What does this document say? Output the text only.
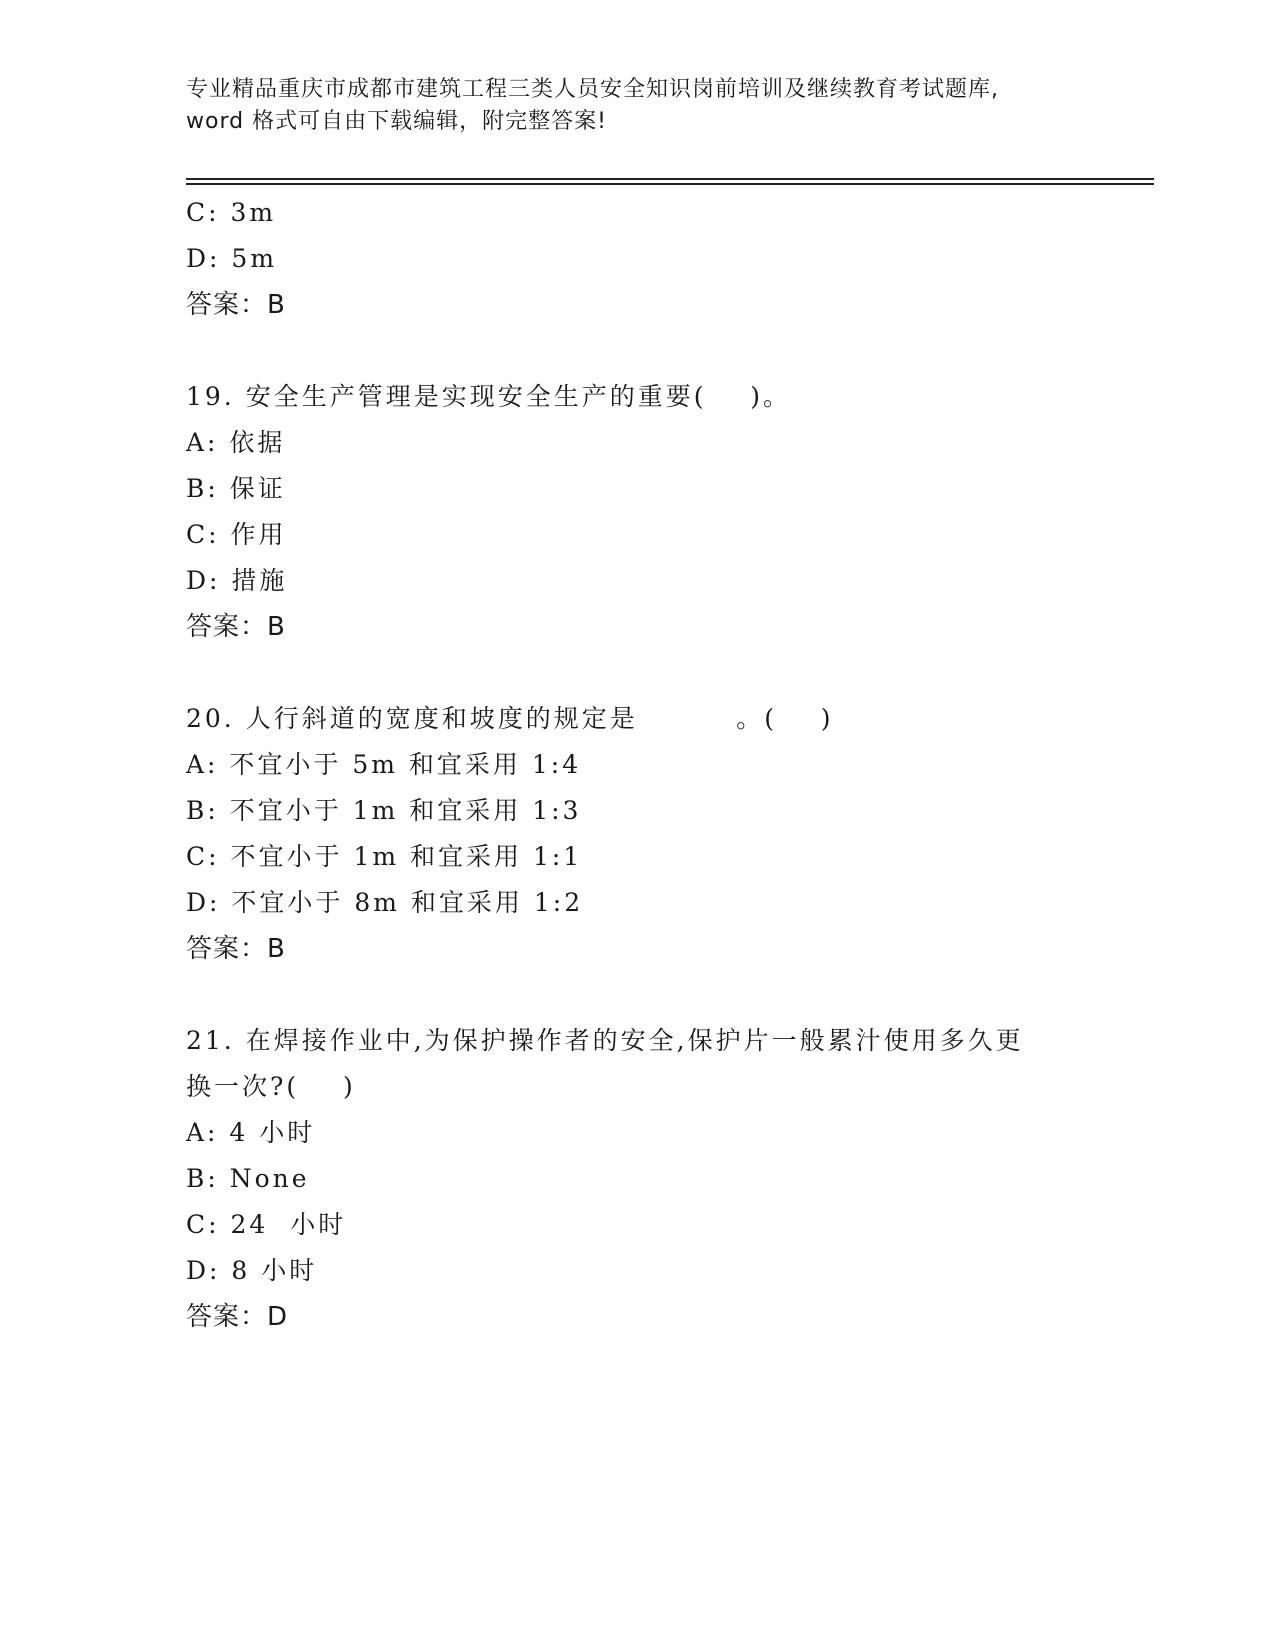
专业精品重庆市成都市建筑工程三类人员安全知识岗前培训及继续教育考试题库,
word 格式可自由下载编辑，附完整答案!
C: 3m
D: 5m
答案：B
19. 安全生产管理是实现安全生产的重要(    )。
A: 依据
B: 保证
C: 作用
D: 措施
答案：B
20. 人行斜道的宽度和坡度的规定是         。(    )
A: 不宜小于 5m 和宜采用 1:4
B: 不宜小于 1m 和宜采用 1:3
C: 不宜小于 1m 和宜采用 1:1
D: 不宜小于 8m 和宜采用 1:2
答案：B
21. 在焊接作业中,为保护操作者的安全,保护片一般累汁使用多久更
换一次?(    )
A: 4 小时
B: None
C: 24  小时
D: 8 小时
答案：D
